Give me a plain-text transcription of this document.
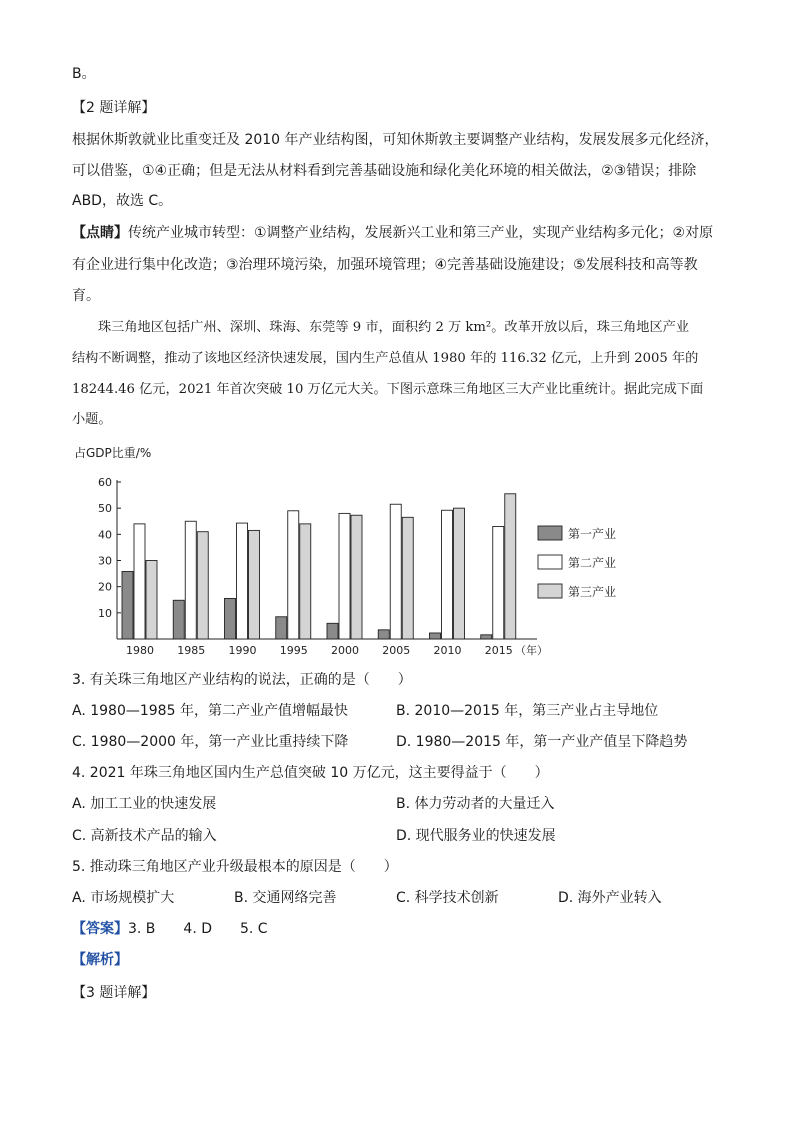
B。
【2 题详解】
根据休斯敦就业比重变迁及 2010 年产业结构图，可知休斯敦主要调整产业结构，发展发展多元化经济，
可以借鉴，①④正确；但是无法从材料看到完善基础设施和绿化美化环境的相关做法，②③错误；排除
ABD，故选 C。
【点睛】传统产业城市转型：①调整产业结构，发展新兴工业和第三产业，实现产业结构多元化；②对原
有企业进行集中化改造；③治理环境污染，加强环境管理；④完善基础设施建设；⑤发展科技和高等教
育。
珠三角地区包括广州、深圳、珠海、东莞等 9 市，面积约 2 万 km²。改革开放以后，珠三角地区产业
结构不断调整，推动了该地区经济快速发展，国内生产总值从 1980 年的 116.32 亿元，上升到 2005 年的
18244.46 亿元，2021 年首次突破 10 万亿元大关。下图示意珠三角地区三大产业比重统计。据此完成下面
小题。
占GDP比重/%
10
20
30
40
50
60
1980 1985 1990 1995 2000 2005 2010 2015 （年）
第一产业
第二产业
第三产业
3. 有关珠三角地区产业结构的说法，正确的是（　　）
A. 1980—1985 年，第二产业产值增幅最快	B. 2010—2015 年，第三产业占主导地位
C. 1980—2000 年，第一产业比重持续下降	D. 1980—2015 年，第一产业产值呈下降趋势
4. 2021 年珠三角地区国内生产总值突破 10 万亿元，这主要得益于（　　）
A. 加工工业的快速发展	B. 体力劳动者的大量迁入
C. 高新技术产品的输入	D. 现代服务业的快速发展
5. 推动珠三角地区产业升级最根本的原因是（　　）
A. 市场规模扩大	B. 交通网络完善	C. 科学技术创新	D. 海外产业转入
【答案】3. B　　4. D　　5. C
【解析】
【3 题详解】
